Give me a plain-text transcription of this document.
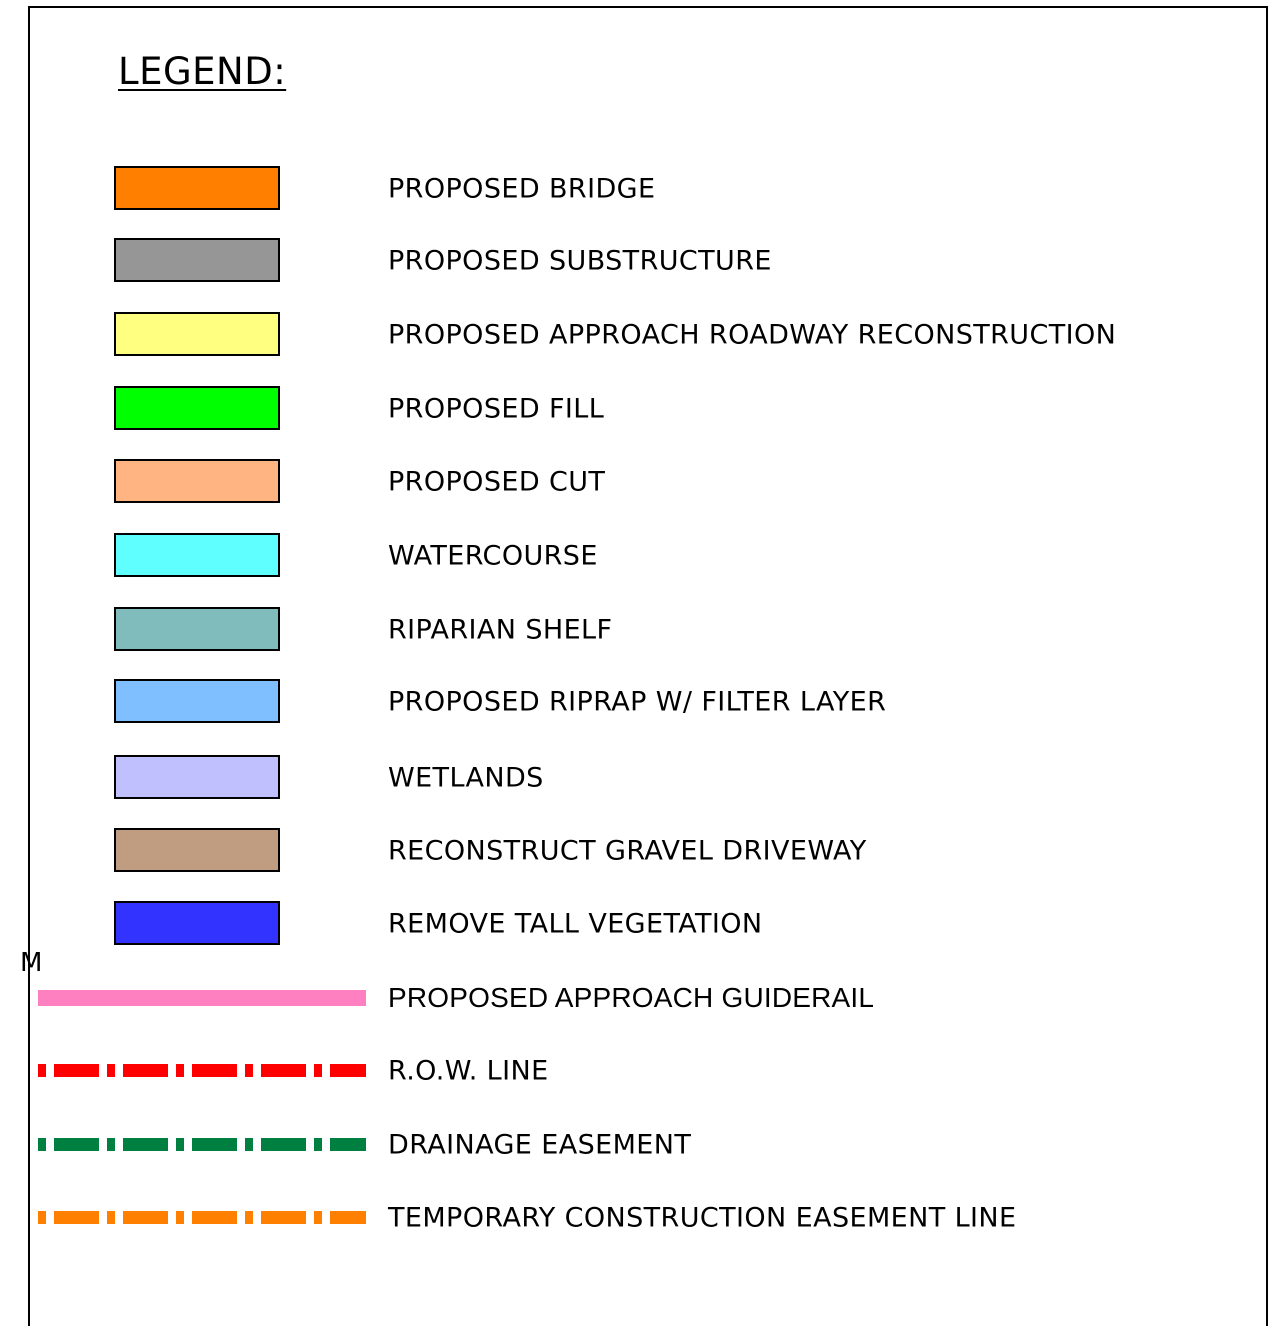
M
LEGEND:
PROPOSED BRIDGE
PROPOSED SUBSTRUCTURE
PROPOSED APPROACH ROADWAY RECONSTRUCTION
PROPOSED FILL
PROPOSED CUT
WATERCOURSE
RIPARIAN SHELF
PROPOSED RIPRAP W/ FILTER LAYER
WETLANDS
RECONSTRUCT GRAVEL DRIVEWAY
REMOVE TALL VEGETATION
PROPOSED APPROACH GUIDERAIL
R.O.W. LINE
DRAINAGE EASEMENT
TEMPORARY CONSTRUCTION EASEMENT LINE
